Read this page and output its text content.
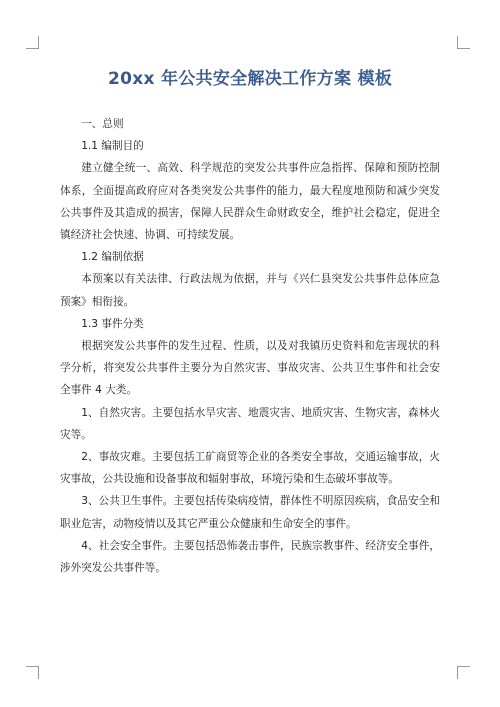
20xx 年公共安全解决工作方案 模板

一、总则

1.1 编制目的

建立健全统一、高效、科学规范的突发公共事件应急指挥、保障和预防控制体系，全面提高政府应对各类突发公共事件的能力，最大程度地预防和减少突发公共事件及其造成的损害，保障人民群众生命财政安全，维护社会稳定，促进全镇经济社会快速、协调、可持续发展。

1.2 编制依据

本预案以有关法律、行政法规为依据，并与《兴仁县突发公共事件总体应急预案》相衔接。

1.3 事件分类

根据突发公共事件的发生过程、性质，以及对我镇历史资料和危害现状的科学分析，将突发公共事件主要分为自然灾害、事故灾害、公共卫生事件和社会安全事件 4 大类。

1、自然灾害。主要包括水旱灾害、地震灾害、地质灾害、生物灾害，森林火灾等。

2、事故灾难。主要包括工矿商贸等企业的各类安全事故，交通运输事故，火灾事故，公共设施和设备事故和辐射事故，环境污染和生态破坏事故等。

3、公共卫生事件。主要包括传染病疫情，群体性不明原因疾病，食品安全和职业危害，动物疫情以及其它严重公众健康和生命安全的事件。

4、社会安全事件。主要包括恐怖袭击事件，民族宗教事件、经济安全事件，涉外突发公共事件等。
